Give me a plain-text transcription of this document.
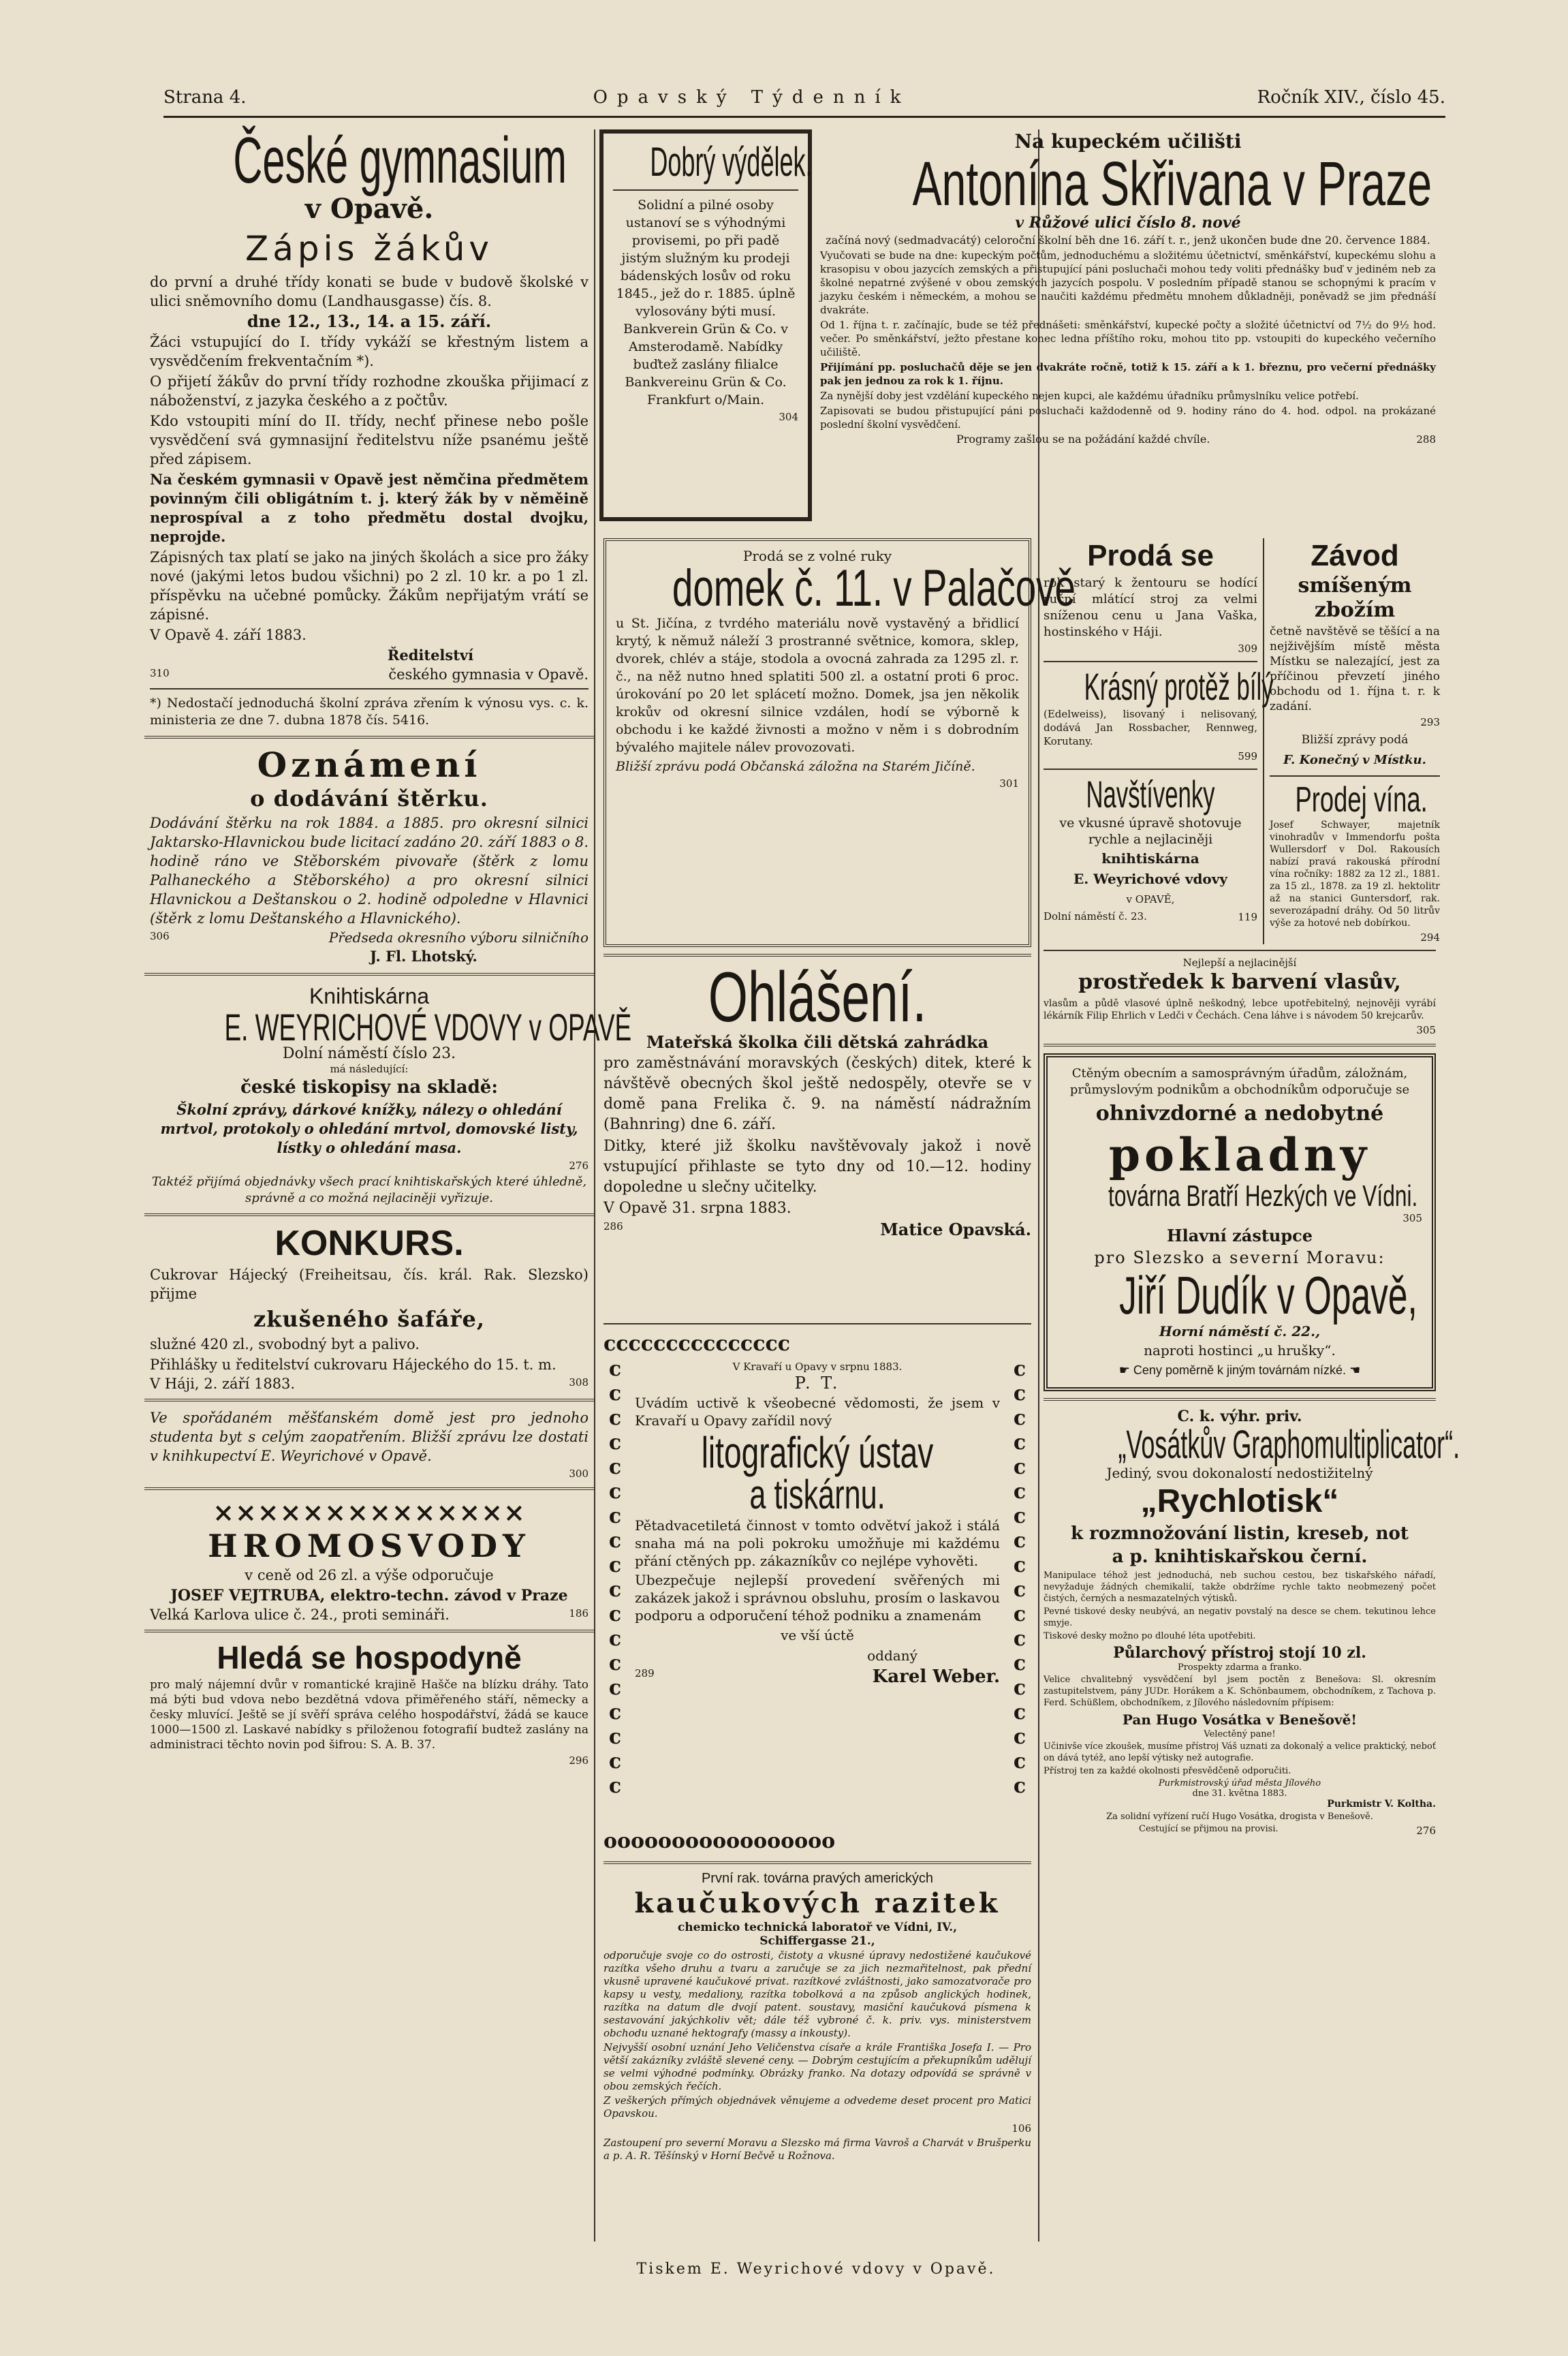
Strana 4.	Opavský Týdenník	Ročník XIV., číslo 45.
České gymnasium
v Opavě.
Zápis žákův

do první a druhé třídy konati se bude v budově školské v ulici sněmovního domu (Landhausgasse) čís. 8.

dne 12., 13., 14. a 15. září.

Žáci vstupující do I. třídy vykáží se křestným listem a vysvědčením frekventačním *).

O přijetí žákův do první třídy rozhodne zkouška přijimací z náboženství, z jazyka českého a z počtův.

Kdo vstoupiti míní do II. třídy, nechť přinese nebo pošle vysvědčení svá gymnasijní ředitelstvu níže psanému ještě před zápisem.

Na českém gymnasii v Opavě jest němčina předmětem povinným čili obligátním t. j. který žák by v něměině neprospíval a z toho předmětu dostal dvojku, neprojde.

Zápisných tax platí se jako na jiných školách a sice pro žáky nové (jakými letos budou všichni) po 2 zl. 10 kr. a po 1 zl. příspěvku na učebné pomůcky. Žákům nepřijatým vrátí se zápisné.

V Opavě 4. září 1883.

Ředitelství

310	českého gymnasia v Opavě.

*) Nedostačí jednoduchá školní zpráva zřením k výnosu vys. c. k. ministeria ze dne 7. dubna 1878 čís. 5416.

Oznámení
o dodávání štěrku.

Dodávání štěrku na rok 1884. a 1885. pro okresní silnici Jaktarsko-Hlavnickou bude licitací zadáno 20. září 1883 o 8. hodině ráno ve Stěborském pivovaře (štěrk z lomu Palhaneckého a Stěborského) a pro okresní silnici Hlavnickou a Deštanskou o 2. hodině odpoledne v Hlavnici (štěrk z lomu Deštanského a Hlavnického).

306	Předseda okresního výboru silničního

J. Fl. Lhotský.

Knihtiskárna
E. WEYRICHOVÉ VDOVY v OPAVĚ
Dolní náměstí číslo 23.
má následující:
české tiskopisy na skladě:

Školní zprávy, dárkové knížky, nálezy o ohledání mrtvol, protokoly o ohledání mrtvol, domovské listy, lístky o ohledání masa.

276

Taktéž přijímá objednávky všech prací knihtiskařských které úhledně, správně a co možná nejlaciněji vyřizuje.

KONKURS.

Cukrovar Hájecký (Freiheitsau, čís. král. Rak. Slezsko) přijme

zkušeného šafáře,

služné 420 zl., svobodný byt a palivo.

Přihlášky u ředitelství cukrovaru Hájeckého do 15. t. m.

V Háji, 2. září 1883.	308

Ve spořádaném měšťanském domě jest pro jednoho studenta byt s celým zaopatřením. Bližší zprávu lze dostati v knihkupectví E. Weyrichové v Opavě.

300
××××××××××××××
HROMOSVODY

v ceně od 26 zl. a výše odporučuje

JOSEF VEJTRUBA, elektro-techn. závod v Praze

Velká Karlova ulice č. 24., proti semináři.	186
Hledá se hospodyně

pro malý nájemní dvůr v romantické krajině Hašče na blízku dráhy. Tato má býti bud vdova nebo bezdětná vdova přiměřeného stáří, německy a česky mluvící. Ještě se jí svěří správa celého hospodářství, žádá se kauce 1000—1500 zl. Laskavé nabídky s přiloženou fotografií budtež zaslány na administraci těchto novin pod šifrou: S. A. B. 37.

296
Dobrý výdělek.

Solidní a pilné osoby ustanoví se s výhodnými provisemi, po při padě jistým služným ku prodeji bádenských losův od roku 1845., jež do r. 1885. úplně vylosovány býti musí. Bankverein Grün & Co. v Amsterodamě. Nabídky buďtež zaslány filialce Bankvereinu Grün & Co. Frankfurt o/Main.

304
Na kupeckém učilišti
Antonína Skřivana v Praze
v Růžové ulici číslo 8. nové

začíná nový (sedmadvacátý) celoroční školní běh dne 16. září t. r., jenž ukončen bude dne 20. července 1884.

Vyučovati se bude na dne: kupeckým počtům, jednoduchému a složitému účetnictví, směnkářství, kupeckému slohu a krasopisu v obou jazycích zemských a přistupující páni posluchači mohou tedy voliti přednášky buď v jediném neb za školné nepatrné zvýšené v obou zemských jazycích pospolu. V posledním případě stanou se schopnými k pracím v jazyku českém i německém, a mohou se naučiti každému předmětu mnohem důkladněji, poněvadž se jim přednáší dvakráte.

Od 1. října t. r. začínajíc, bude se též přednášeti: směnkářství, kupecké počty a složité účetnictví od 7½ do 9½ hod. večer. Po směnkářství, ježto přestane konec ledna příštího roku, mohou tito pp. vstoupiti do kupeckého večerního učiliště.

Přijímání pp. posluchačů děje se jen dvakráte ročně, totiž k 15. září a k 1. březnu, pro večerní přednášky pak jen jednou za rok k 1. říjnu.

Za nynější doby jest vzdělání kupeckého nejen kupci, ale každému úřadníku průmyslníku velice potřebí.

Zapisovati se budou přistupující páni posluchači každodenně od 9. hodiny ráno do 4. hod. odpol. na prokázané poslední školní vysvědčení.

Programy zašlou se na požádání každé chvíle.	288
Prodá se z volné ruky
domek č. 11. v Palačově

u St. Jičína, z tvrdého materiálu nově vystavěný a břidlicí krytý, k němuž náleží 3 prostranné světnice, komora, sklep, dvorek, chlév a stáje, stodola a ovocná zahrada za 1295 zl. r. č., na něž nutno hned splatiti 500 zl. a ostatní proti 6 proc. úrokování po 20 let splácetí možno. Domek, jsa jen několik krokův od okresní silnice vzdálen, hodí se výborně k obchodu i ke každé živnosti a možno v něm i s dobrodním bývalého majitele nálev provozovati.

Bližší zprávu podá Občanská záložna na Starém Jičíně.

301
Ohlášení.

Mateřská školka čili dětská zahrádka

pro zaměstnávání moravských (českých) ditek, které k návštěvě obecných škol ještě nedospěly, otevře se v domě pana Frelika č. 9. na náměstí nádražním (Bahnring) dne 6. září.

Ditky, které již školku navštěvovaly jakož i nově vstupující přihlaste se tyto dny od 10.—12. hodiny dopoledne u slečny učitelky.

V Opavě 31. srpna 1883.

286	Matice Opavská.
ccccccccccccccc
cccccccccccccccccc
cccccccccccccccccc
ooooooooooooooooo
V Kravaří u Opavy v srpnu 1883.
P. T.

Uvádím uctivě k všeobecné vědomosti, že jsem v Kravaří u Opavy zařídil nový

litografický ústav
a tiskárnu.

Pětadvacetiletá činnost v tomto odvětví jakož i stálá snaha má na poli pokroku umožňuje mi každému přání ctěných pp. zákazníkův co nejlépe vyhověti.

Ubezpečuje nejlepší provedení svěřených mi zakázek jakož i správnou obsluhu, prosím o laskavou podporu a odporučení téhož podniku a znamenám

ve vší úctě

oddaný

289	Karel Weber.
První rak. továrna pravých amerických
kaučukových razitek
chemicko technická laboratoř ve Vídni, IV.,
Schiffergasse 21.,

odporučuje svoje co do ostrosti, čistoty a vkusné úpravy nedostižené kaučukové razítka všeho druhu a tvaru a zaručuje se za jich nezmařitelnost, pak přední vkusně upravené kaučukové privat. razítkové zvláštnosti, jako samozatvorače pro kapsy u vesty, medaliony, razítka tobolková a na způsob anglických hodinek, razítka na datum dle dvojí patent. soustavy, masiční kaučuková písmena k sestavování jakýchkoliv vět; dále též vybroné č. k. priv. vys. ministerstvem obchodu uznané hektografy (massy a inkousty).

Nejvyšší osobní uznání Jeho Veličenstva císaře a krále Františka Josefa I. — Pro větší zakázníky zvláště slevené ceny. — Dobrým cestujícím a překupníkům udělují se velmi výhodné podmínky. Obrázky franko. Na dotazy odpovídá se správně v obou zemských řečích.

Z veškerých přímých objednávek věnujeme a odvedeme deset procent pro Matici Opavskou.

106

Zastoupení pro severní Moravu a Slezsko má firma Vavroš a Charvát v Brušperku a p. A. R. Těšínský v Horní Bečvě u Rožnova.

Prodá se

rok starý k žentouru se hodící ruční mlátící stroj za velmi sníženou cenu u Jana Vaška, hostinského v Háji.

309
Krásný protěž bílý

(Edelweiss), lisovaný i nelisovaný, dodává Jan Rossbacher, Rennweg, Korutany.

599
Navštívenky

ve vkusné úpravě shotovuje rychle a nejlaciněji

knihtiskárna

E. Weyrichové vdovy

v OPAVĚ,

Dolní náměstí č. 23.	119
Závod
smíšeným zbožím

četně navštěvě se těšící a na nejživějším místě města Místku se nalezající, jest za příčinou převzetí jiného obchodu od 1. října t. r. k zadání.

293

Bližší zprávy podá

F. Konečný v Místku.

Prodej vína.

Josef Schwayer, majetník vinohradův v Immendorfu pošta Wullersdorf v Dol. Rakousích nabízí pravá rakouská přírodní vína ročníky: 1882 za 12 zl., 1881. za 15 zl., 1878. za 19 zl. hektolitr až na stanici Guntersdorf, rak. severozápadní dráhy. Od 50 litrův výše za hotové neb dobírkou.

294
Nejlepší a nejlacinější
prostředek k barvení vlasův,

vlasům a půdě vlasové úplně neškodný, lebce upotřebitelný, nejnověji vyrábí lékárník Filip Ehrlich v Ledči v Čechách. Cena láhve i s návodem 50 krejcarův.

305

Ctěným obecním a samosprávným úřadům, záložnám, průmyslovým podnikům a obchodníkům odporučuje se

ohnivzdorné a nedobytné
pokladny
továrna Bratří Hezkých ve Vídni.
305
Hlavní zástupce
pro Slezsko a severní Moravu:
Jiří Dudík v Opavě,
Horní náměstí č. 22.,
naproti hostinci „u hrušky“.
☛ Ceny poměrně k jiným továrnám nízké. ☚
C. k. výhr. priv.
„Vosátkův Graphomultiplicator“.
Jediný, svou dokonalostí nedostižitelný
„Rychlotisk“
k rozmnožování listin, kreseb, not
a p. knihtiskařskou černí.

Manipulace téhož jest jednoduchá, neb suchou cestou, bez tiskařského nářadí, nevyžaduje žádných chemikalií, takže obdržíme rychle takto neobmezený počet čistých, černých a nesmazatelných výtisků.

Pevné tiskové desky neubývá, an negativ povstalý na desce se chem. tekutinou lehce smyje.

Tiskové desky možno po dlouhé léta upotřebiti.

Půlarchový přístroj stojí 10 zl.
Prospekty zdarma a franko.

Velice chvalitebný vysvědčení byl jsem poctěn z Benešova: Sl. okresním zastupitelstvem, pány JUDr. Horákem a K. Schönbaumem, obchodníkem, z Tachova p. Ferd. Schüßlem, obchodníkem, z Jílového následovním přípisem:

Pan Hugo Vosátka v Benešově!
Velectěný pane!

Učinivše více zkoušek, musíme přístroj Váš uznati za dokonalý a velice praktický, neboť on dává tytéž, ano lepší výtisky než autografie.

Přístroj ten za každé okolnosti přesvědčeně odporučiti.

Purkmistrovský úřad města Jílového
dne 31. května 1883.
Purkmistr V. Koltha.

Za solidní vyřízení ručí Hugo Vosátka, drogista v Benešově.

Cestující se přijmou na provisi.	276
Tiskem E. Weyrichové vdovy v Opavě.
